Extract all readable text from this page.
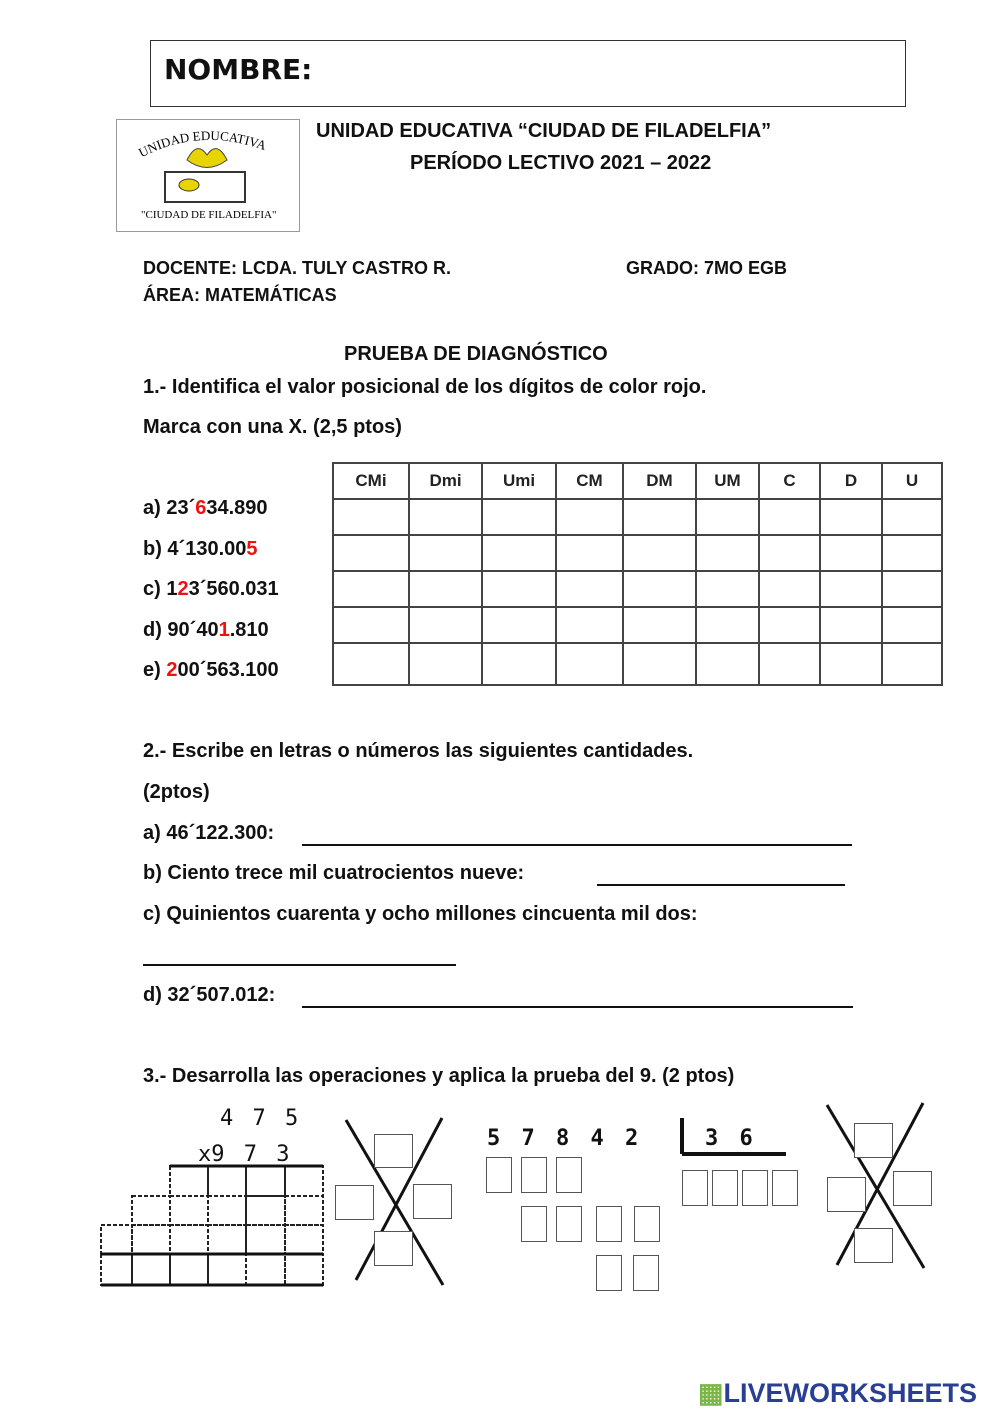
NOMBRE:
UNIDAD EDUCATIVA
"CIUDAD DE FILADELFIA"
UNIDAD EDUCATIVA “CIUDAD DE FILADELFIA”
PERÍODO LECTIVO 2021 – 2022
DOCENTE: LCDA. TULY CASTRO R.	GRADO: 7MO EGB
ÁREA: MATEMÁTICAS
PRUEBA DE DIAGNÓSTICO
1.- Identifica el valor posicional de los dígitos de color rojo.
Marca con una X. (2,5 ptos)
a) 23´634.890
b) 4´130.005
c) 123´560.031
d) 90´401.810
e) 200´563.100
CMi	Dmi	Umi	CM	DM	UM	C	D	U

2.- Escribe en letras o números las siguientes cantidades.
(2ptos)
a) 46´122.300:
b) Ciento trece mil cuatrocientos nueve:
c) Quinientos cuarenta y ocho millones cincuenta mil dos:
d) 32´507.012:
3.- Desarrolla las operaciones y aplica la prueba del 9. (2 ptos)
4 7 5
x9 7 3
5 7 8 4 2	3 6
▦LIVEWORKSHEETS
